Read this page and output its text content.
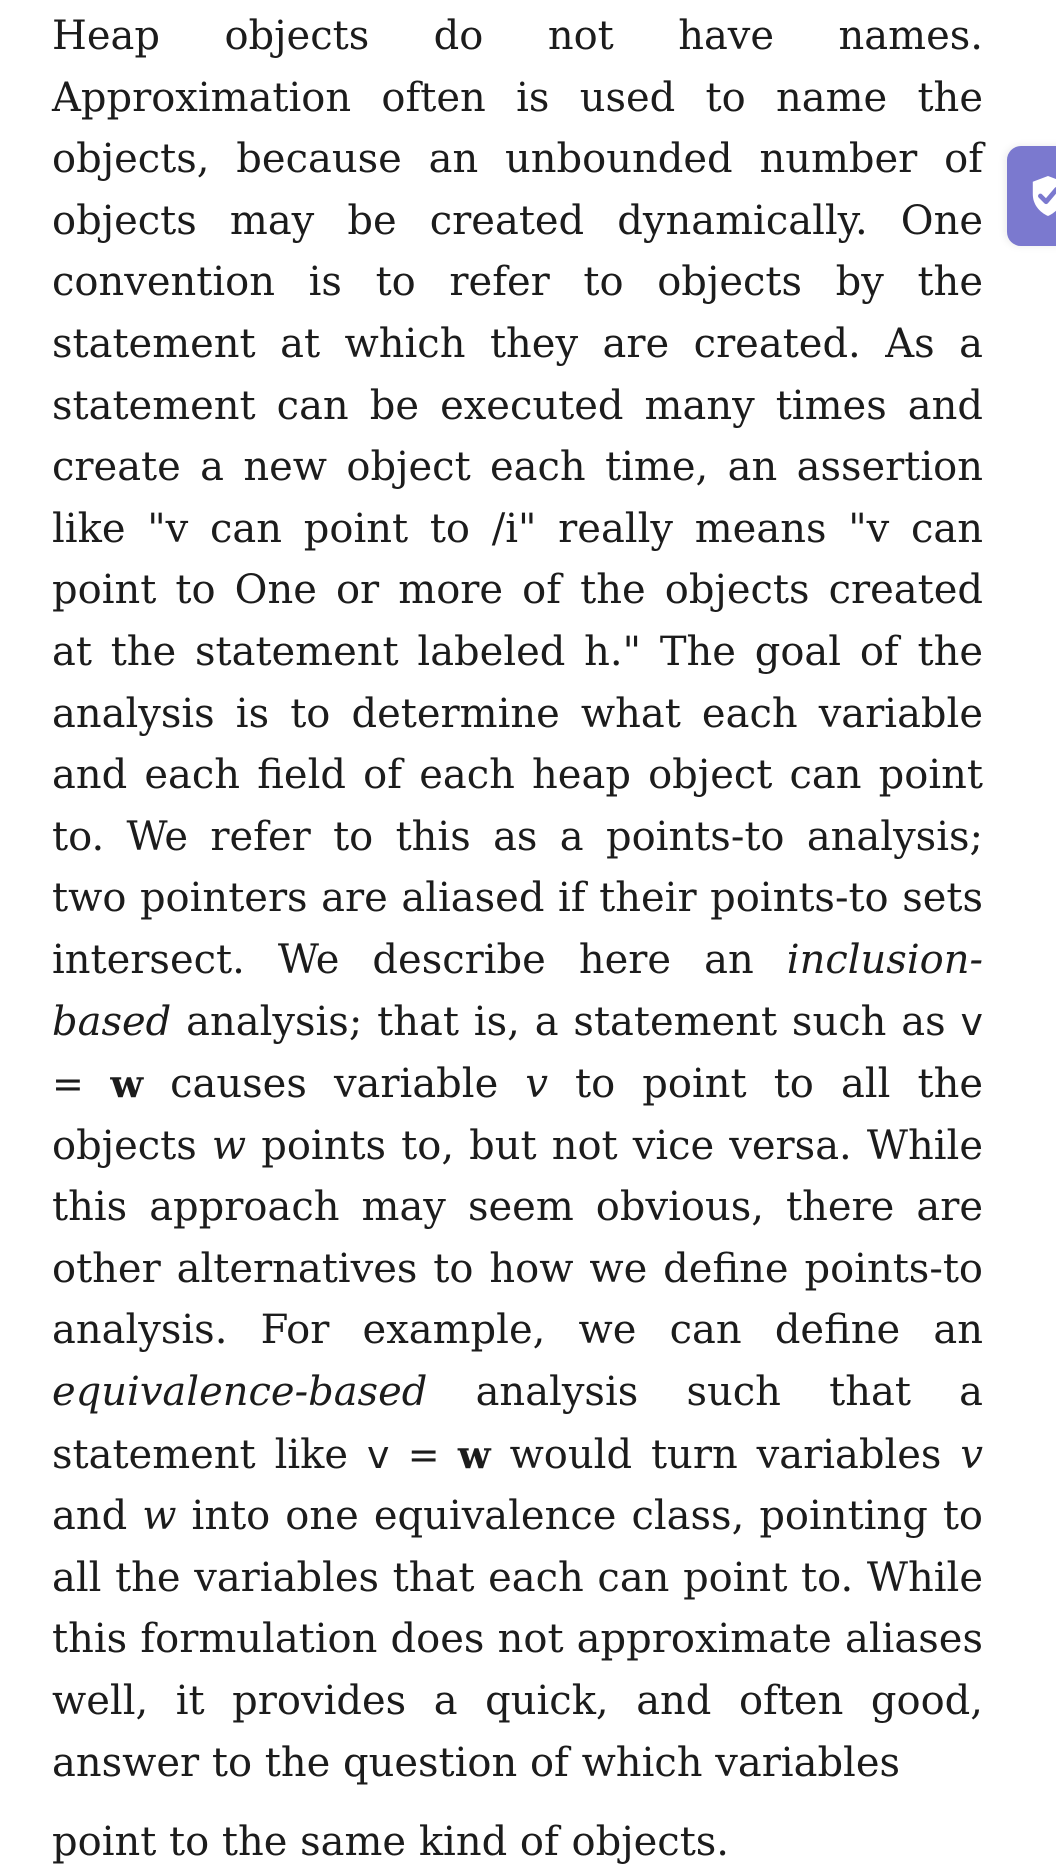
Heap objects do not have names. Approximation often is used to name the objects, because an unbounded number of objects may be created dynamically. One convention is to refer to objects by the statement at which they are created. As a statement can be executed many times and create a new object each time, an assertion like "v can point to /i" really means "v can point to One or more of the objects created at the statement labeled h." The goal of the analysis is to determine what each variable and each field of each heap object can point to. We refer to this as a points-to analysis; two pointers are aliased if their points-to sets intersect. We describe here an inclusion-based analysis; that is, a statement such as v = w causes variable v to point to all the objects w points to, but not vice versa. While this approach may seem obvious, there are other alternatives to how we define points-to analysis. For example, we can define an equivalence-based analysis such that a statement like v = w would turn variables v and w into one equivalence class, pointing to all the variables that each can point to. While this formulation does not approximate aliases well, it provides a quick, and often good, answer to the question of which variables

point to the same kind of objects.
